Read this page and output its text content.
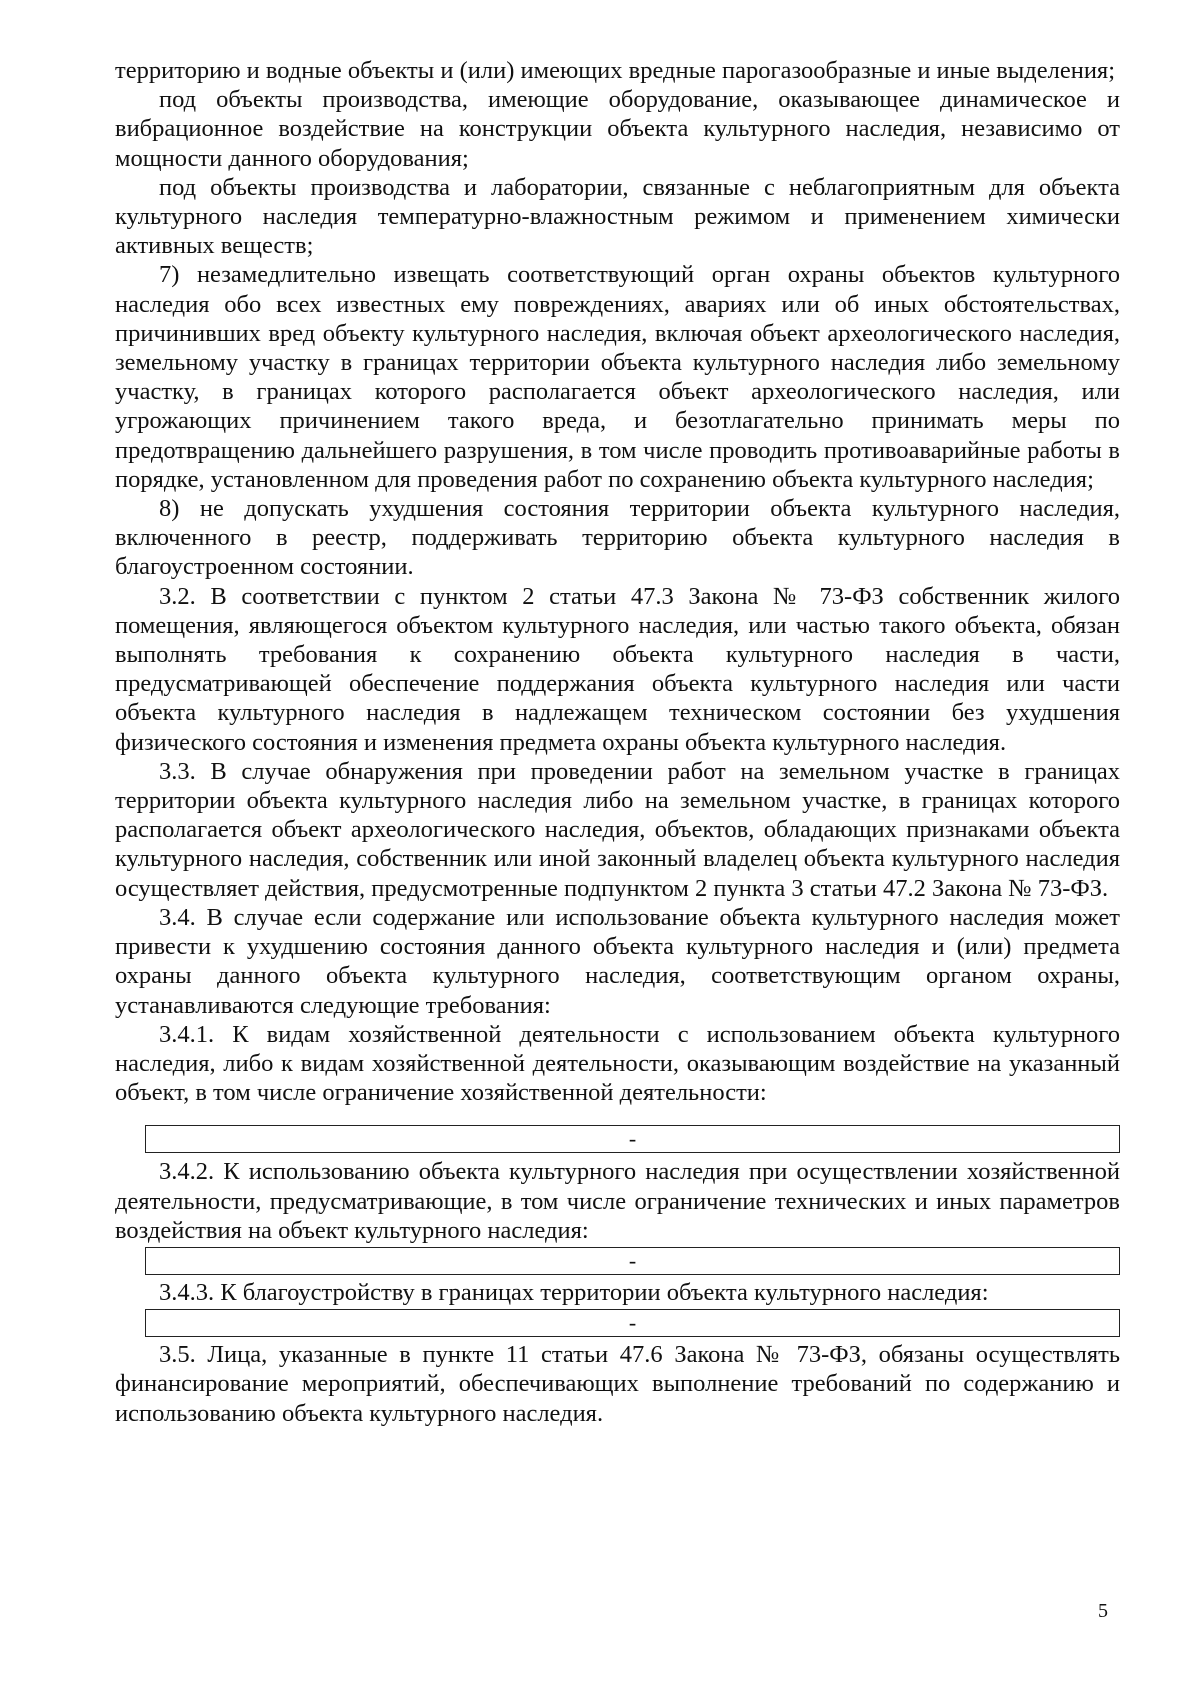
территорию и водные объекты и (или) имеющих вредные парогазообразные и иные выделения;

под объекты производства, имеющие оборудование, оказывающее динамическое и вибрационное воздействие на конструкции объекта культурного наследия, независимо от мощности данного оборудования;

под объекты производства и лаборатории, связанные с неблагоприятным для объекта культурного наследия температурно-влажностным режимом и применением химически активных веществ;

7) незамедлительно извещать соответствующий орган охраны объектов культурного наследия обо всех известных ему повреждениях, авариях или об иных обстоятельствах, причинивших вред объекту культурного наследия, включая объект археологического наследия, земельному участку в границах территории объекта культурного наследия либо земельному участку, в границах которого располагается объект археологического наследия, или угрожающих причинением такого вреда, и безотлагательно принимать меры по предотвращению дальнейшего разрушения, в том числе проводить противоаварийные работы в порядке, установленном для проведения работ по сохранению объекта культурного наследия;

8) не допускать ухудшения состояния территории объекта культурного наследия, включенного в реестр, поддерживать территорию объекта культурного наследия в благоустроенном состоянии.

3.2. В соответствии с пунктом 2 статьи 47.3 Закона № 73-ФЗ собственник жилого помещения, являющегося объектом культурного наследия, или частью такого объекта, обязан выполнять требования к сохранению объекта культурного наследия в части, предусматривающей обеспечение поддержания объекта культурного наследия или части объекта культурного наследия в надлежащем техническом состоянии без ухудшения физического состояния и изменения предмета охраны объекта культурного наследия.

3.3. В случае обнаружения при проведении работ на земельном участке в границах территории объекта культурного наследия либо на земельном участке, в границах которого располагается объект археологического наследия, объектов, обладающих признаками объекта культурного наследия, собственник или иной законный владелец объекта культурного наследия осуществляет действия, предусмотренные подпунктом 2 пункта 3 статьи 47.2 Закона № 73-ФЗ.

3.4. В случае если содержание или использование объекта культурного наследия может привести к ухудшению состояния данного объекта культурного наследия и (или) предмета охраны данного объекта культурного наследия, соответствующим органом охраны, устанавливаются следующие требования:

3.4.1. К видам хозяйственной деятельности с использованием объекта культурного наследия, либо к видам хозяйственной деятельности, оказывающим воздействие на указанный объект, в том числе ограничение хозяйственной деятельности:

-

3.4.2. К использованию объекта культурного наследия при осуществлении хозяйственной деятельности, предусматривающие, в том числе ограничение технических и иных параметров воздействия на объект культурного наследия:

-

3.4.3. К благоустройству в границах территории объекта культурного наследия:

-

3.5. Лица, указанные в пункте 11 статьи 47.6 Закона № 73-ФЗ, обязаны осуществлять финансирование мероприятий, обеспечивающих выполнение требований по содержанию и использованию объекта культурного наследия.

5
